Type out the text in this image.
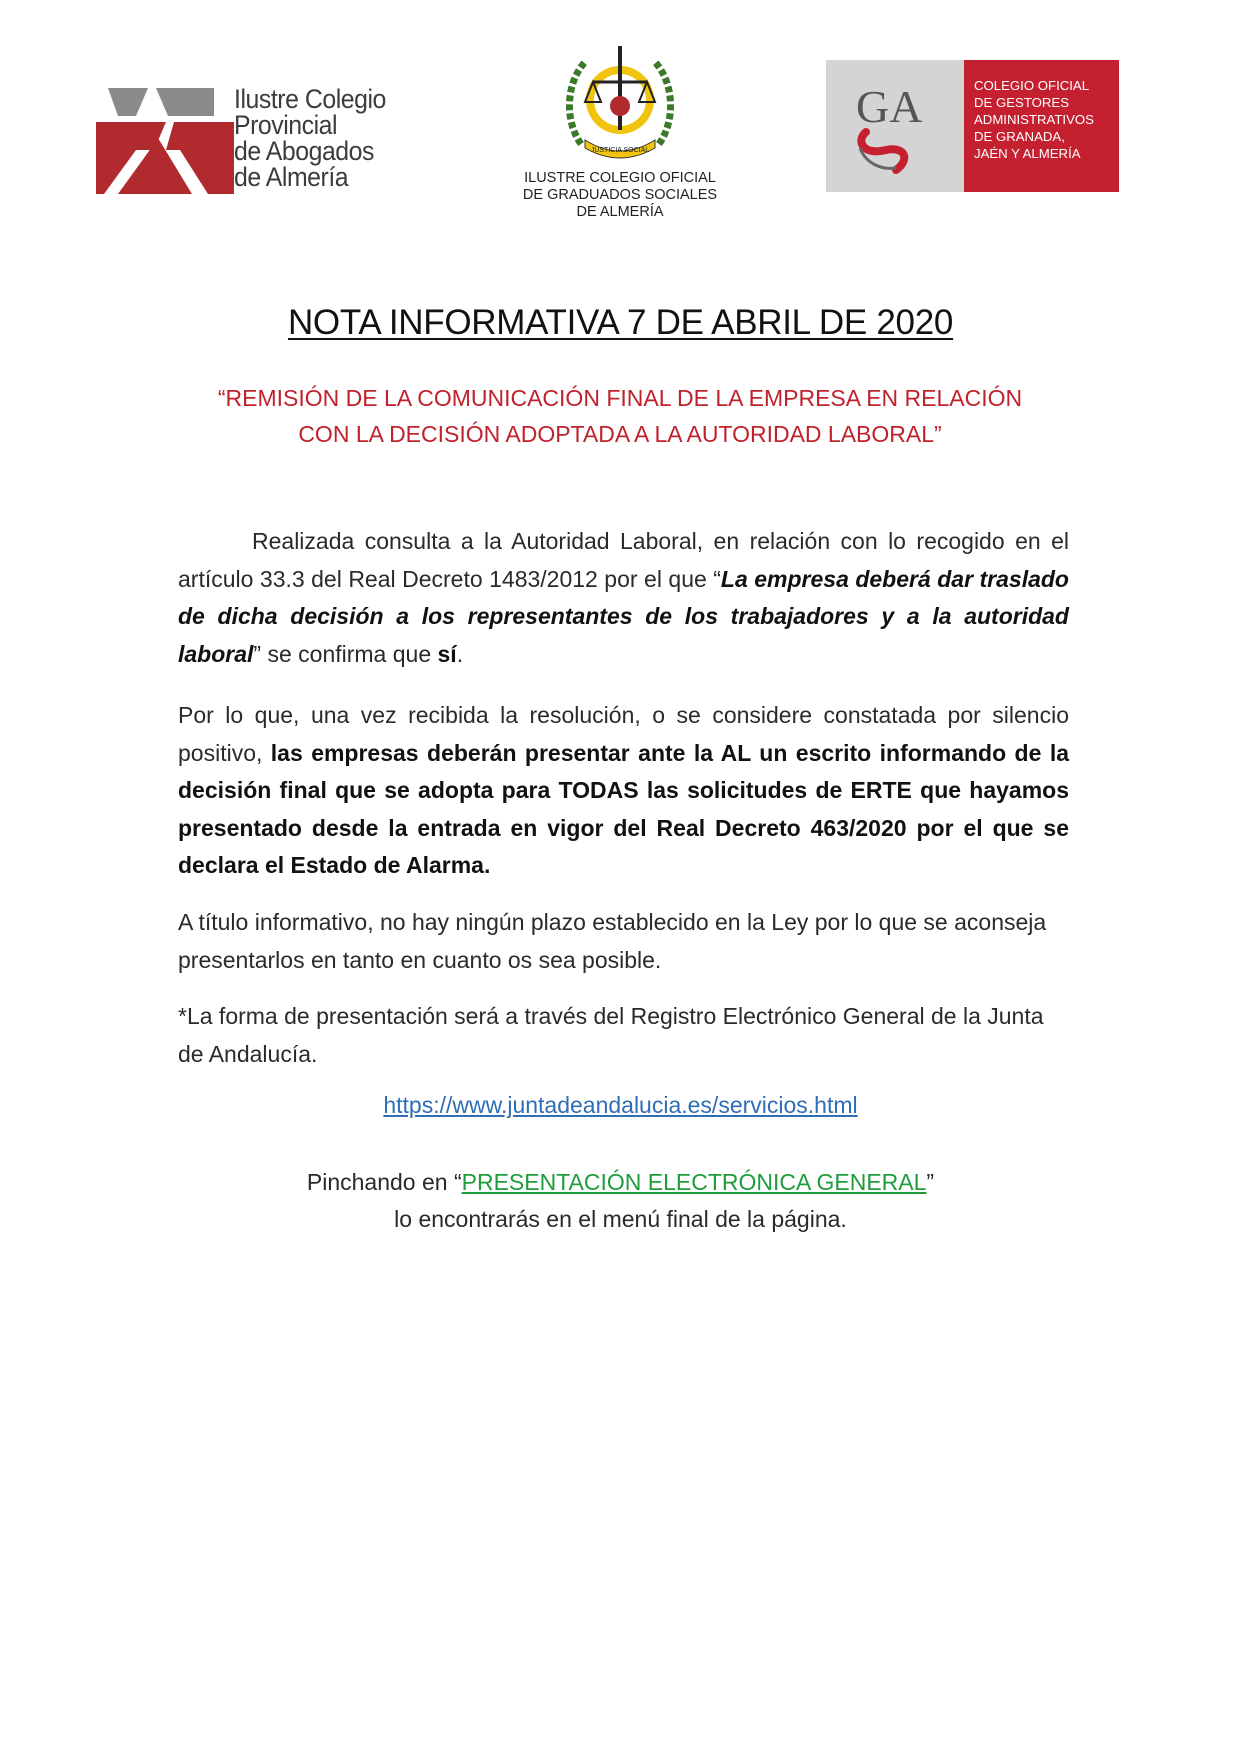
Ilustre Colegio
Provincial
de Abogados
de Almería
JUSTICIA SOCIAL
ILUSTRE COLEGIO OFICIAL
DE GRADUADOS SOCIALES
DE ALMERÍA
GA	COLEGIO OFICIAL
DE GESTORES
ADMINISTRATIVOS
DE GRANADA,
JAÉN Y ALMERÍA
NOTA INFORMATIVA 7 DE ABRIL DE 2020
“REMISIÓN DE LA COMUNICACIÓN FINAL DE LA EMPRESA EN RELACIÓN
CON LA DECISIÓN ADOPTADA A LA AUTORIDAD LABORAL”
Realizada consulta a la Autoridad Laboral, en relación con lo recogido en el artículo 33.3 del Real Decreto 1483/2012 por el que “La empresa deberá dar traslado de dicha decisión a los representantes de los trabajadores y a la autoridad laboral” se confirma que sí.
Por lo que, una vez recibida la resolución, o se considere constatada por silencio positivo, las empresas deberán presentar ante la AL un escrito informando de la decisión final que se adopta para TODAS las solicitudes de ERTE que hayamos presentado desde la entrada en vigor del Real Decreto 463/2020 por el que se declara el Estado de Alarma.
A título informativo, no hay ningún plazo establecido en la Ley por lo que se aconseja presentarlos en tanto en cuanto os sea posible.
*La forma de presentación será a través del Registro Electrónico General de la Junta de Andalucía.
https://www.juntadeandalucia.es/servicios.html
Pinchando en “PRESENTACIÓN ELECTRÓNICA GENERAL”
lo encontrarás en el menú final de la página.
